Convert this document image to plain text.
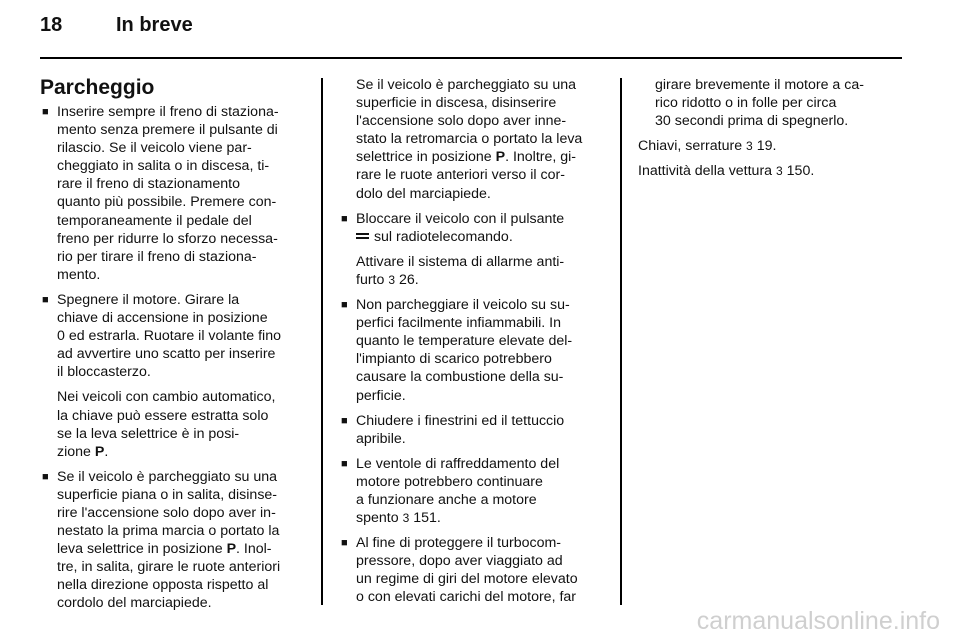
18	In breve
Parcheggio
■ Inserire sempre il freno di staziona-
mento senza premere il pulsante di
rilascio. Se il veicolo viene par-
cheggiato in salita o in discesa, ti-
rare il freno di stazionamento
quanto più possibile. Premere con-
temporaneamente il pedale del
freno per ridurre lo sforzo necessa-
rio per tirare il freno di staziona-
mento.
■ Spegnere il motore. Girare la
chiave di accensione in posizione
0 ed estrarla. Ruotare il volante fino
ad avvertire uno scatto per inserire
il bloccasterzo.
Nei veicoli con cambio automatico,
la chiave può essere estratta solo
se la leva selettrice è in posi-
zione P.
■ Se il veicolo è parcheggiato su una
superficie piana o in salita, disinse-
rire l'accensione solo dopo aver in-
nestato la prima marcia o portato la
leva selettrice in posizione P. Inol-
tre, in salita, girare le ruote anteriori
nella direzione opposta rispetto al
cordolo del marciapiede.
Se il veicolo è parcheggiato su una
superficie in discesa, disinserire
l'accensione solo dopo aver inne-
stato la retromarcia o portato la leva
selettrice in posizione P. Inoltre, gi-
rare le ruote anteriori verso il cor-
dolo del marciapiede.
■ Bloccare il veicolo con il pulsante
sul radiotelecomando.
Attivare il sistema di allarme anti-
furto 3 26.
■ Non parcheggiare il veicolo su su-
perfici facilmente infiammabili. In
quanto le temperature elevate del-
l'impianto di scarico potrebbero
causare la combustione della su-
perficie.
■ Chiudere i finestrini ed il tettuccio
apribile.
■ Le ventole di raffreddamento del
motore potrebbero continuare
a funzionare anche a motore
spento 3 151.
■ Al fine di proteggere il turbocom-
pressore, dopo aver viaggiato ad
un regime di giri del motore elevato
o con elevati carichi del motore, far
girare brevemente il motore a ca-
rico ridotto o in folle per circa
30 secondi prima di spegnerlo.
Chiavi, serrature 3 19.
Inattività della vettura 3 150.
carmanualsonline.info
